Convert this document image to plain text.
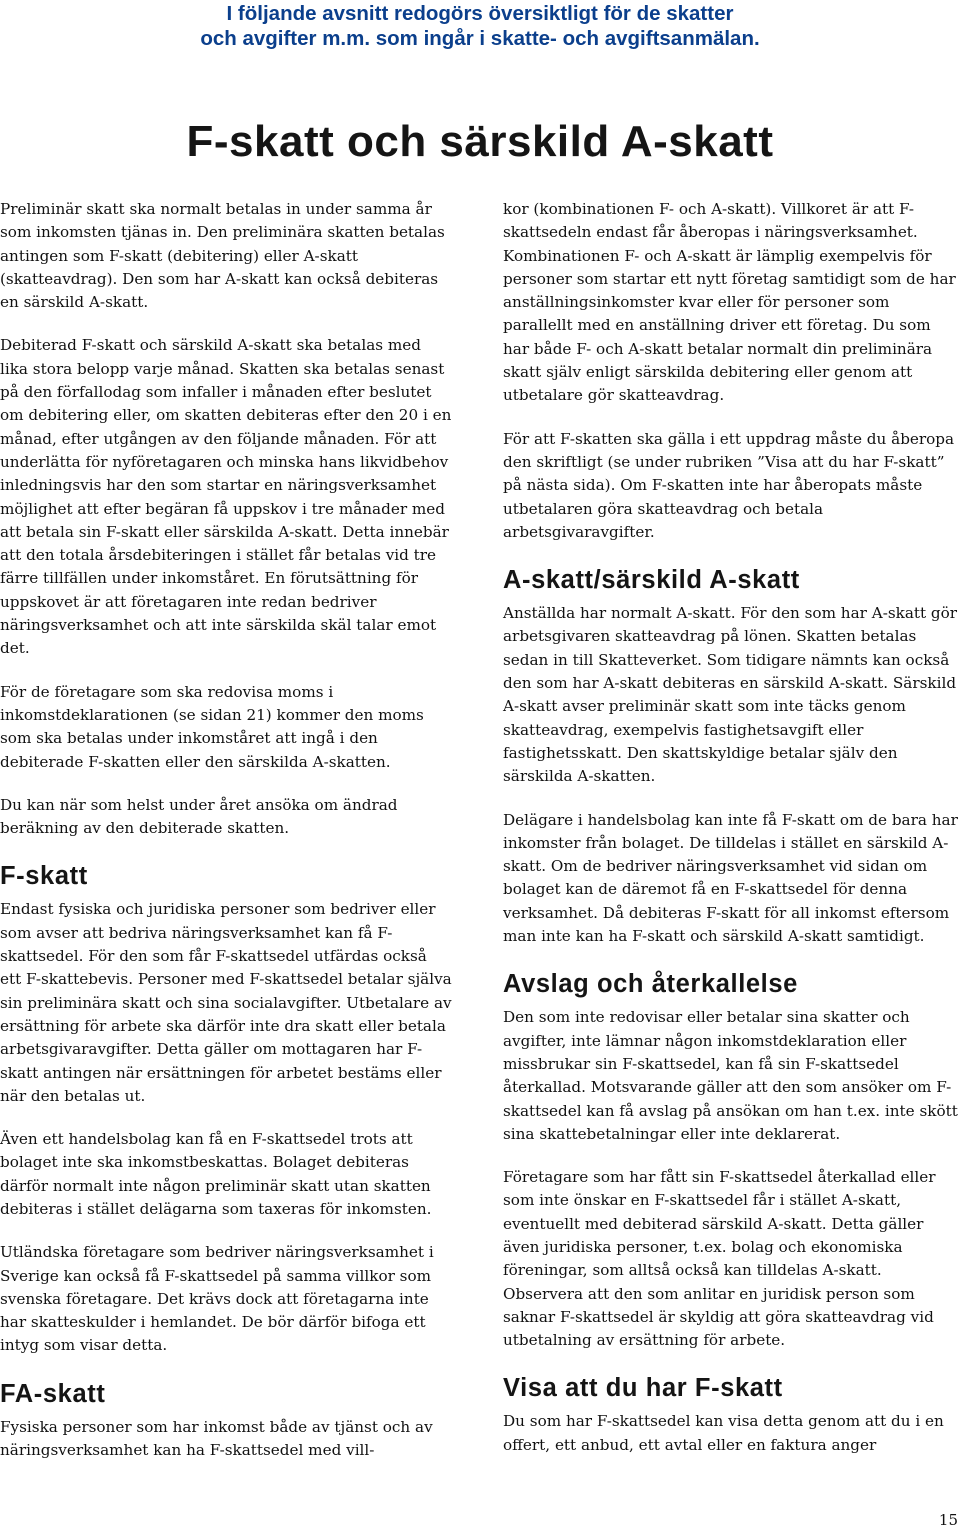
I följande avsnitt redogörs översiktligt för de skatter
och avgifter m.m. som ingår i skatte- och avgiftsanmälan.
F-skatt och särskild A-skatt
Preliminär skatt ska normalt betalas in under samma år som inkomsten tjänas in. Den preliminära skatten betalas antingen som F-skatt (debitering) eller A-skatt (skatteavdrag). Den som har A-skatt kan också debiteras en särskild A-skatt.
Debiterad F-skatt och särskild A-skatt ska betalas med lika stora belopp varje månad. Skatten ska betalas senast på den förfallodag som infaller i månaden efter beslutet om debitering eller, om skatten debiteras efter den 20 i en månad, efter utgången av den följande månaden. För att underlätta för nyföretagaren och minska hans likvidbehov inledningsvis har den som startar en näringsverksamhet möjlighet att efter begäran få uppskov i tre månader med att betala sin F-skatt eller särskilda A-skatt. Detta innebär att den totala årsdebiteringen i stället får betalas vid tre färre tillfällen under inkomståret. En förutsättning för uppskovet är att företagaren inte redan bedriver näringsverksamhet och att inte särskilda skäl talar emot det.
För de företagare som ska redovisa moms i inkomstdeklarationen (se sidan 21) kommer den moms som ska betalas under inkomståret att ingå i den debiterade F-skatten eller den särskilda A-skatten.
Du kan när som helst under året ansöka om ändrad beräkning av den debiterade skatten.
F-skatt
Endast fysiska och juridiska personer som bedriver eller som avser att bedriva näringsverksamhet kan få F-skattsedel. För den som får F-skattsedel utfärdas också ett F-skattebevis. Personer med F-skattsedel betalar själva sin preliminära skatt och sina socialavgifter. Utbetalare av ersättning för arbete ska därför inte dra skatt eller betala arbetsgivaravgifter. Detta gäller om mottagaren har F-skatt antingen när ersättningen för arbetet bestäms eller när den betalas ut.
Även ett handelsbolag kan få en F-skattsedel trots att bolaget inte ska inkomstbeskattas. Bolaget debiteras därför normalt inte någon preliminär skatt utan skatten debiteras i stället delägarna som taxeras för inkomsten.
Utländska företagare som bedriver näringsverksamhet i Sverige kan också få F-skattsedel på samma villkor som svenska företagare. Det krävs dock att företagarna inte har skatteskulder i hemlandet. De bör därför bifoga ett intyg som visar detta.
FA-skatt
Fysiska personer som har inkomst både av tjänst och av näringsverksamhet kan ha F-skattsedel med vill-
kor (kombinationen F- och A-skatt). Villkoret är att F-skattsedeln endast får åberopas i näringsverksamhet. Kombinationen F- och A-skatt är lämplig exempelvis för personer som startar ett nytt företag samtidigt som de har anställningsinkomster kvar eller för personer som parallellt med en anställning driver ett företag. Du som har både F- och A-skatt betalar normalt din preliminära skatt själv enligt särskilda debitering eller genom att utbetalare gör skatteavdrag.
För att F-skatten ska gälla i ett uppdrag måste du åberopa den skriftligt (se under rubriken ”Visa att du har F-skatt” på nästa sida). Om F-skatten inte har åberopats måste utbetalaren göra skatteavdrag och betala arbetsgivaravgifter.
A-skatt/särskild A-skatt
Anställda har normalt A-skatt. För den som har A-skatt gör arbetsgivaren skatteavdrag på lönen. Skatten betalas sedan in till Skatteverket. Som tidigare nämnts kan också den som har A-skatt debiteras en särskild A-skatt. Särskild A-skatt avser preliminär skatt som inte täcks genom skatteavdrag, exempelvis fastighetsavgift eller fastighetsskatt. Den skattskyldige betalar själv den särskilda A-skatten.
Delägare i handelsbolag kan inte få F-skatt om de bara har inkomster från bolaget. De tilldelas i stället en särskild A-skatt. Om de bedriver näringsverksamhet vid sidan om bolaget kan de däremot få en F-skattsedel för denna verksamhet. Då debiteras F-skatt för all inkomst eftersom man inte kan ha F-skatt och särskild A-skatt samtidigt.
Avslag och återkallelse
Den som inte redovisar eller betalar sina skatter och avgifter, inte lämnar någon inkomstdeklaration eller missbrukar sin F-skattsedel, kan få sin F-skattsedel återkallad. Motsvarande gäller att den som ansöker om F-skattsedel kan få avslag på ansökan om han t.ex. inte skött sina skattebetalningar eller inte deklarerat.
Företagare som har fått sin F-skattsedel återkallad eller som inte önskar en F-skattsedel får i stället A-skatt, eventuellt med debiterad särskild A-skatt. Detta gäller även juridiska personer, t.ex. bolag och ekonomiska föreningar, som alltså också kan tilldelas A-skatt. Observera att den som anlitar en juridisk person som saknar F-skattsedel är skyldig att göra skatteavdrag vid utbetalning av ersättning för arbete.
Visa att du har F-skatt
Du som har F-skattsedel kan visa detta genom att du i en offert, ett anbud, ett avtal eller en faktura anger
15
